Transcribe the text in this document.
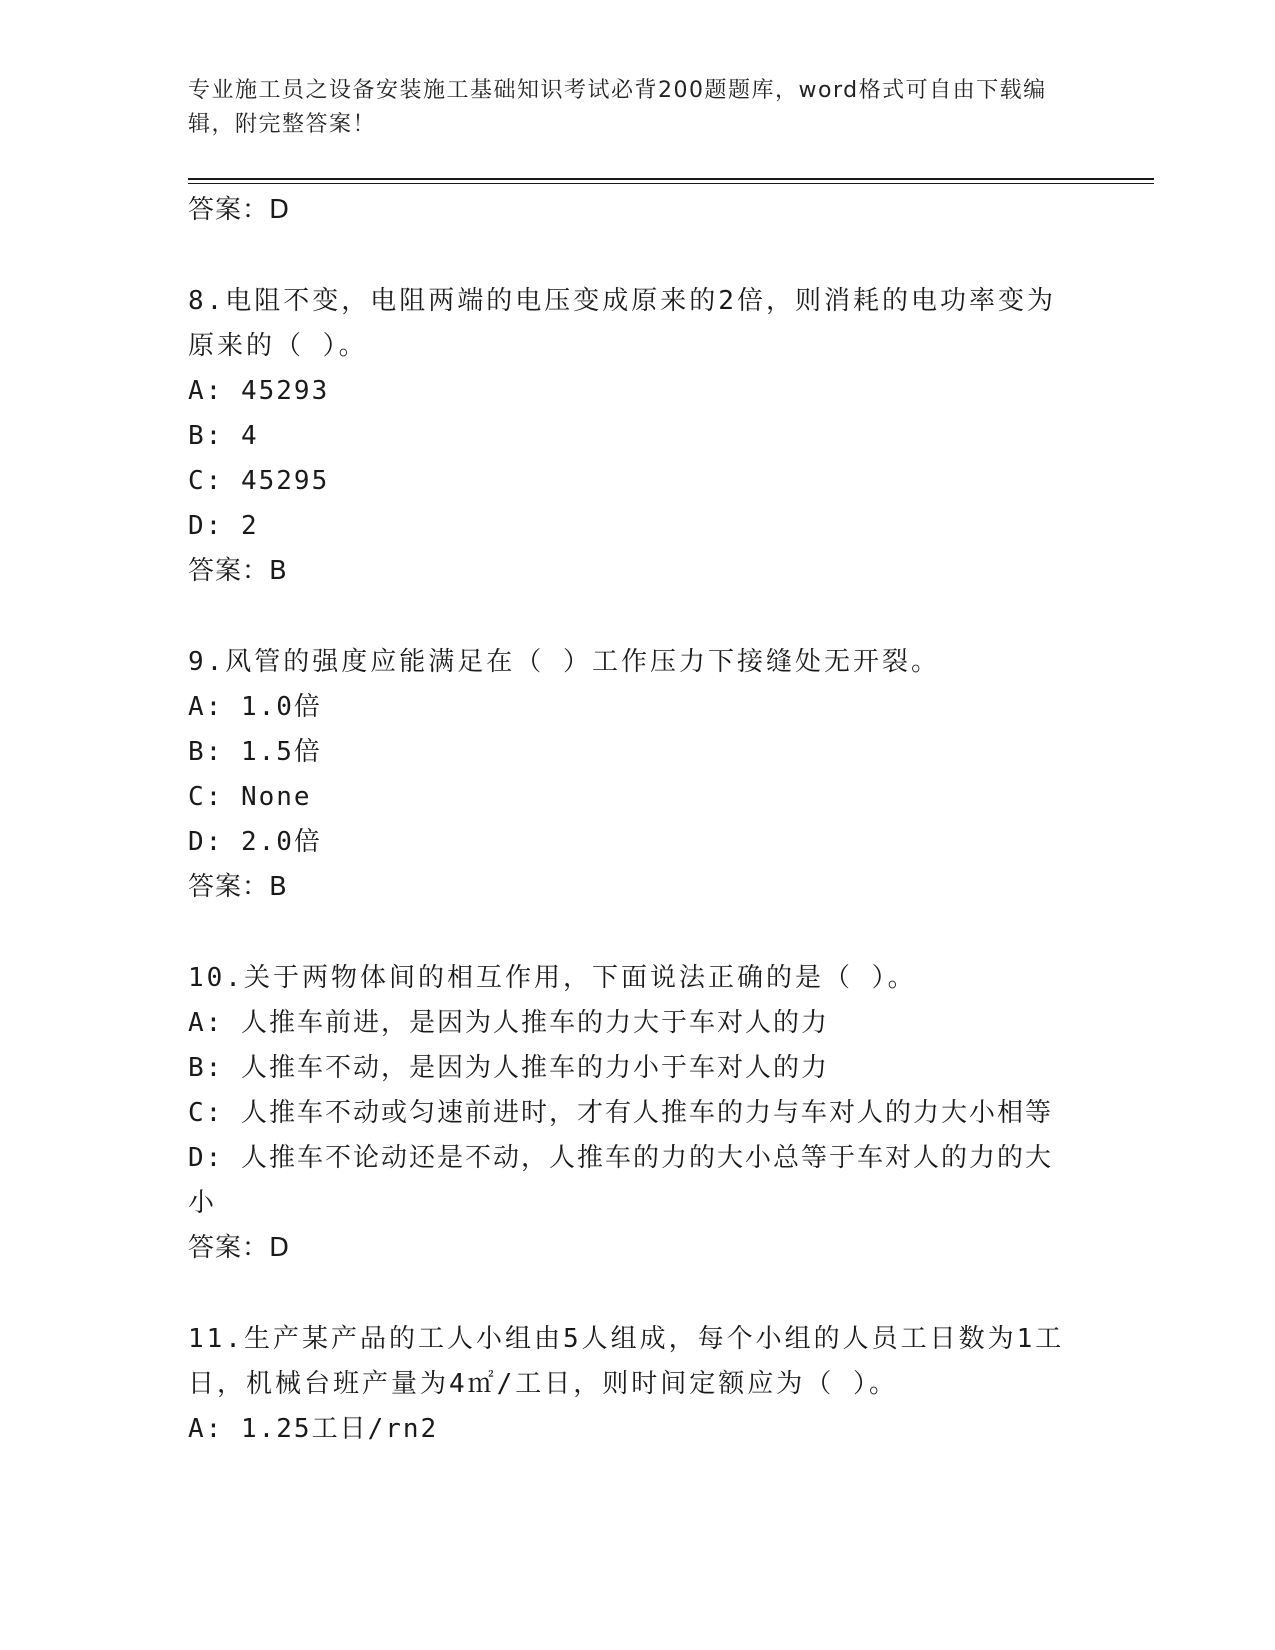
专业施工员之设备安装施工基础知识考试必背200题题库，word格式可自由下载编辑，附完整答案！

答案：D

8.电阻不变，电阻两端的电压变成原来的2倍，则消耗的电功率变为原来的（ ）。

A: 45293

B: 4

C: 45295

D: 2

答案：B

9.风管的强度应能满足在（ ）工作压力下接缝处无开裂。

A: 1.0倍

B: 1.5倍

C: None

D: 2.0倍

答案：B

10.关于两物体间的相互作用，下面说法正确的是（ ）。

A: 人推车前进，是因为人推车的力大于车对人的力

B: 人推车不动，是因为人推车的力小于车对人的力

C: 人推车不动或匀速前进时，才有人推车的力与车对人的力大小相等

D: 人推车不论动还是不动，人推车的力的大小总等于车对人的力的大小

答案：D

11.生产某产品的工人小组由5人组成，每个小组的人员工日数为1工日，机械台班产量为4㎡/工日，则时间定额应为（ ）。

A: 1.25工日/rn2
